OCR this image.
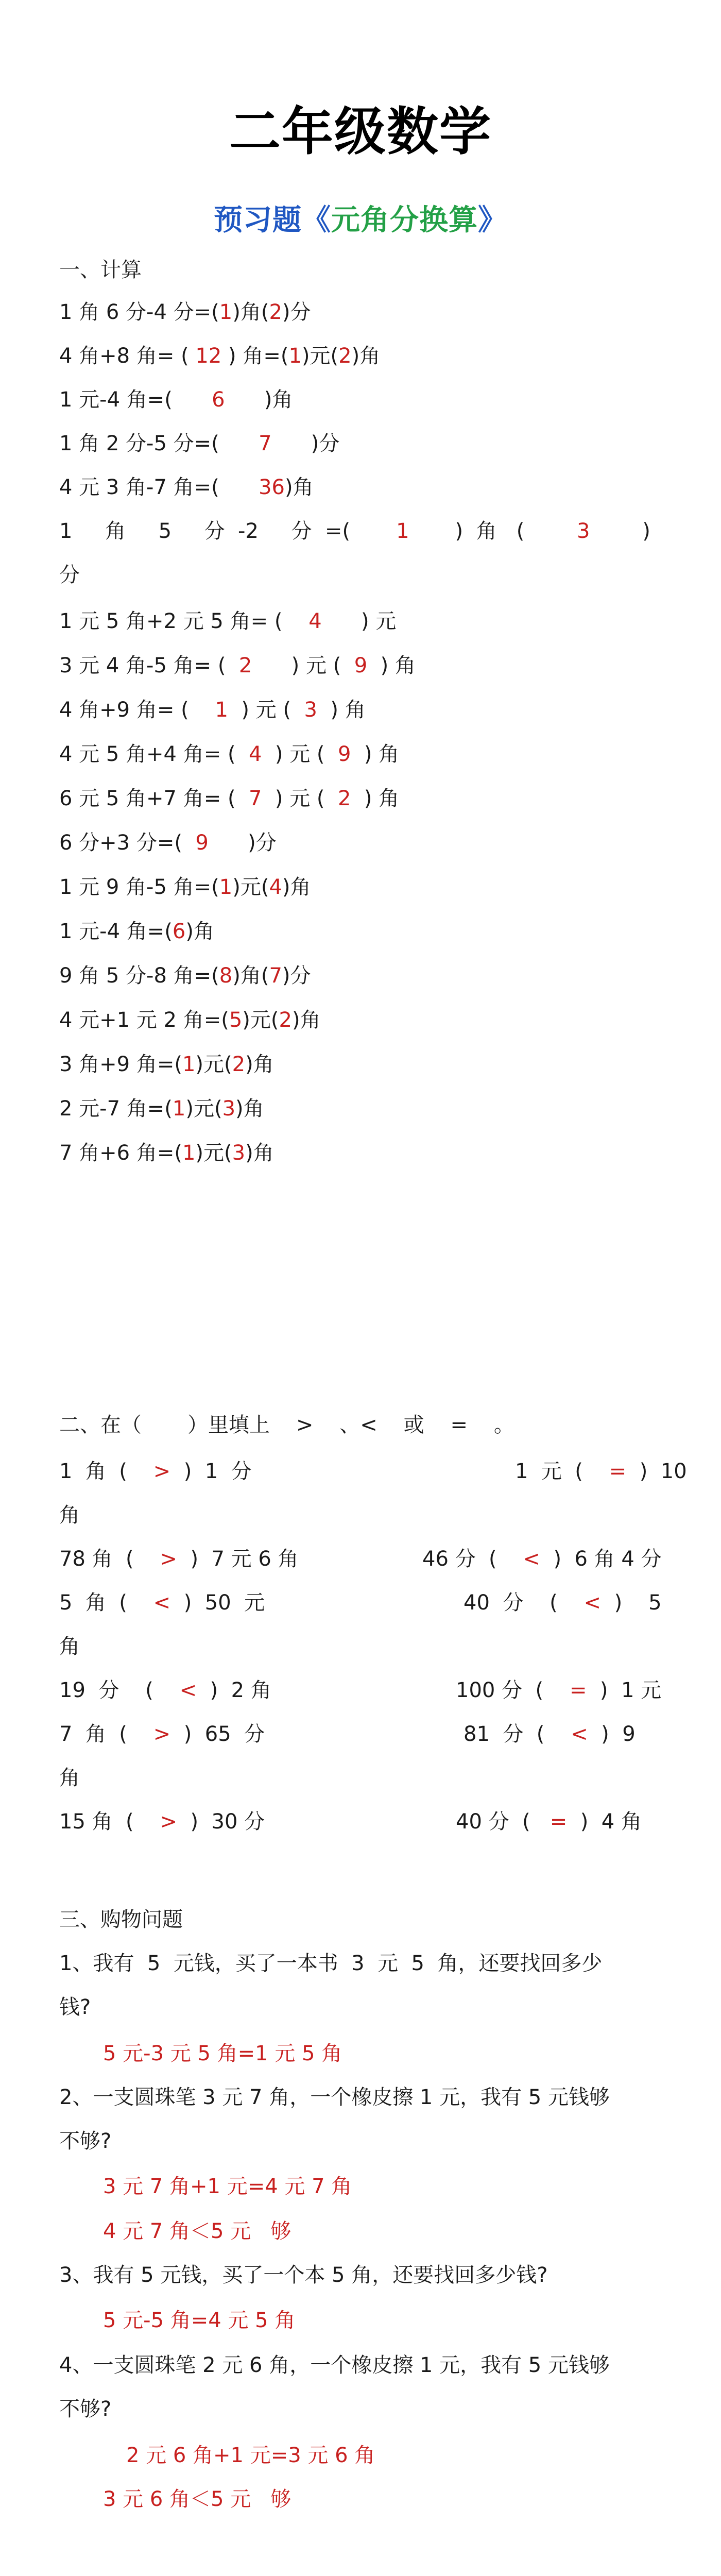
二年级数学
预习题《元角分换算》
一、计算
1 角 6 分-4 分=(1)角(2)分
4 角+8 角= ( 12 ) 角=(1)元(2)角
1 元-4 角=(      6      )角
1 角 2 分-5 分=(      7      )分
4 元 3 角-7 角=(      36)角
1     角     5     分  -2     分  =(       1       )  角   (        3        )
分
1 元 5 角+2 元 5 角= (    4      ) 元
3 元 4 角-5 角= (  2      ) 元 (  9  ) 角
4 角+9 角= (    1  ) 元 (  3  ) 角
4 元 5 角+4 角= (  4  ) 元 (  9  ) 角
6 元 5 角+7 角= (  7  ) 元 (  2  ) 角
6 分+3 分=(  9      )分
1 元 9 角-5 角=(1)元(4)角
1 元-4 角=(6)角
9 角 5 分-8 角=(8)角(7)分
4 元+1 元 2 角=(5)元(2)角
3 角+9 角=(1)元(2)角
2 元-7 角=(1)元(3)角
7 角+6 角=(1)元(3)角
二、在（       ）里填上    >    、<    或    =    。
1  角  (    >  )  1  分	1  元  (    =  )  10
角
78 角  (    >  )  7 元 6 角	46 分  (    <  )  6 角 4 分
5  角  (    <  )  50  元	40  分    (    <  )    5
角
19  分    (    <  )  2 角	100 分  (    =  )  1 元
7  角  (    >  )  65  分	81  分  (    <  )  9
角
15 角  (    >  )  30 分	40 分  (   =  )  4 角
三、购物问题
1、我有  5  元钱，买了一本书  3  元  5  角，还要找回多少
钱?
5 元-3 元 5 角=1 元 5 角
2、一支圆珠笔 3 元 7 角，一个橡皮擦 1 元，我有 5 元钱够
不够?
3 元 7 角+1 元=4 元 7 角
4 元 7 角＜5 元   够
3、我有 5 元钱，买了一个本 5 角，还要找回多少钱?
5 元-5 角=4 元 5 角
4、一支圆珠笔 2 元 6 角，一个橡皮擦 1 元，我有 5 元钱够
不够?
2 元 6 角+1 元=3 元 6 角
3 元 6 角＜5 元   够
